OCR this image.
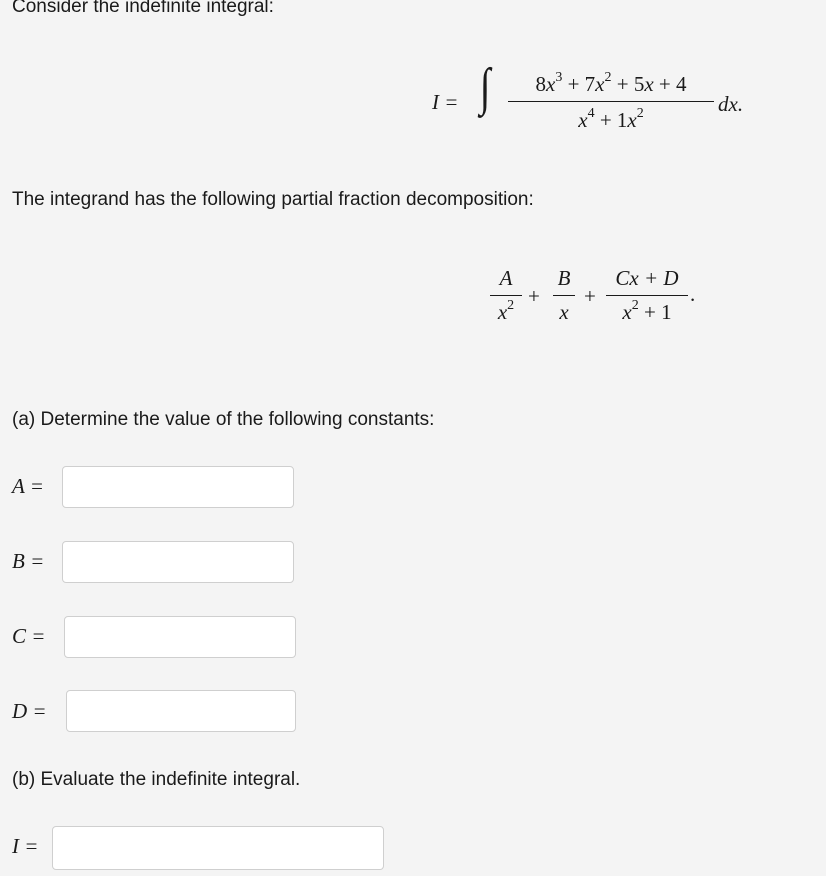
Consider the indefinite integral:
I = ∫	$8x^3 + 7x^2 + 5x + 4$
$x^4 + 1x^2$	dx.
The integrand has the following partial fraction decomposition:
A
$x^2$ +
B
x
+
Cx + D
$x^2 + 1$
.
(a) Determine the value of the following constants:
A =
B =
C =
D =
(b) Evaluate the indefinite integral.
I =
